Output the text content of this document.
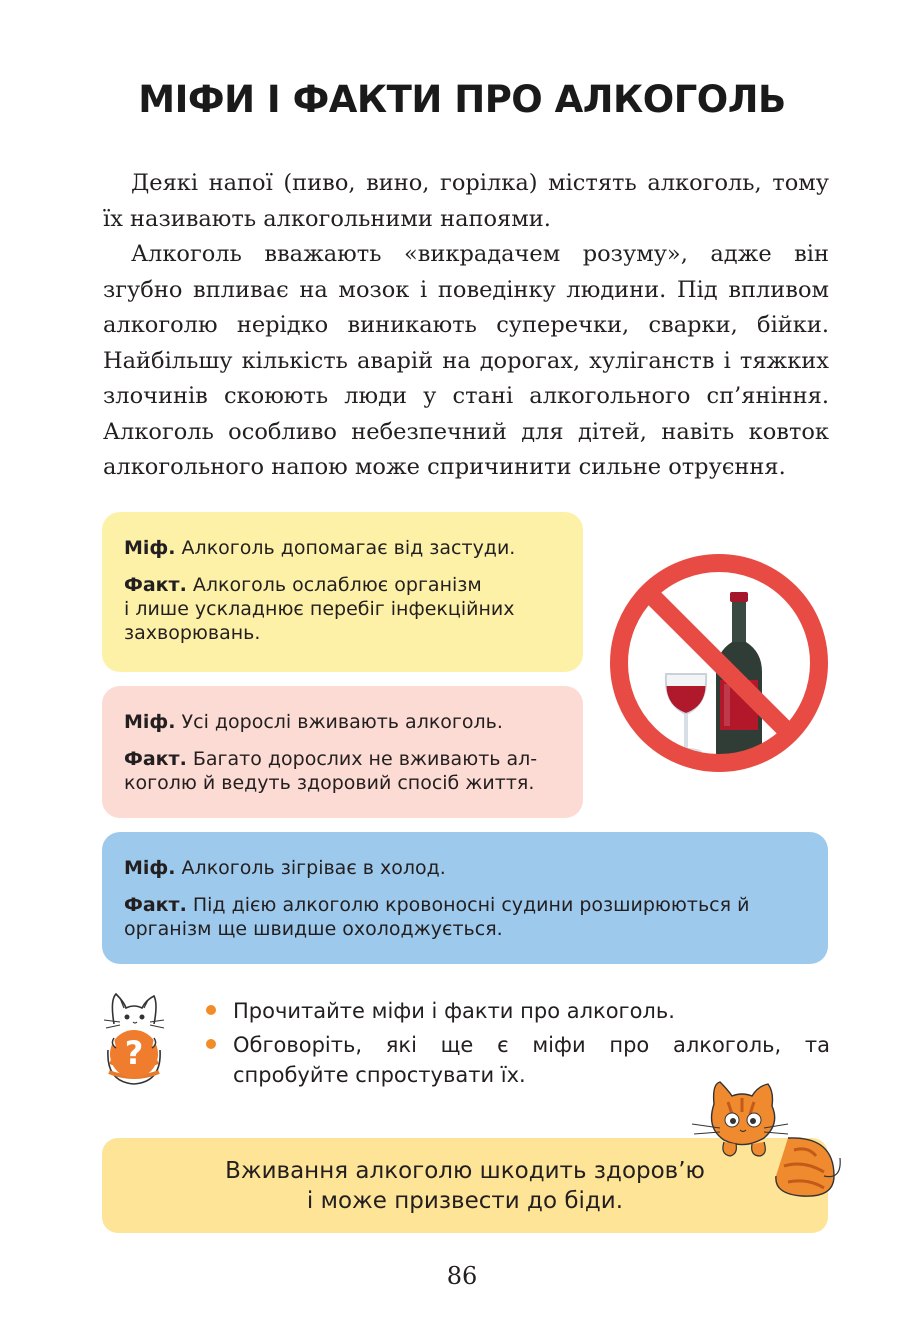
МІФИ І ФАКТИ ПРО АЛКОГОЛЬ

Деякі напої (пиво, вино, горілка) містять алкоголь, тому їх називають алкогольними напоями.

Алкоголь вважають «викрадачем розуму», адже він згубно впливає на мозок і поведінку людини. Під впливом алкоголю нерідко виникають суперечки, сварки, бійки. Найбільшу кількість аварій на дорогах, хуліганств і тяжких злочинів скоюють люди у стані алкогольного сп’яніння. Алкоголь особливо небезпечний для дітей, навіть ковток алкогольного напою може спричинити сильне отруєння.

Міф. Алкоголь допомагає від застуди.

Факт. Алкоголь ослаблює організм

і лише ускладнює перебіг інфекційних

захворювань.

Міф. Усі дорослі вживають алкоголь.

Факт. Багато дорослих не вживають ал-

коголю й ведуть здоровий спосіб життя.

Міф. Алкоголь зігріває в холод.

Факт. Під дією алкоголю кровоносні судини розширюються й

організм ще швидше охолоджується.

?
Прочитайте міфи і факти про алкоголь.
Обговоріть, які ще є міфи про алкоголь, та спробуйте спростувати їх.
Вживання алкоголю шкодить здоров’ю
і може призвести до біди.
86
